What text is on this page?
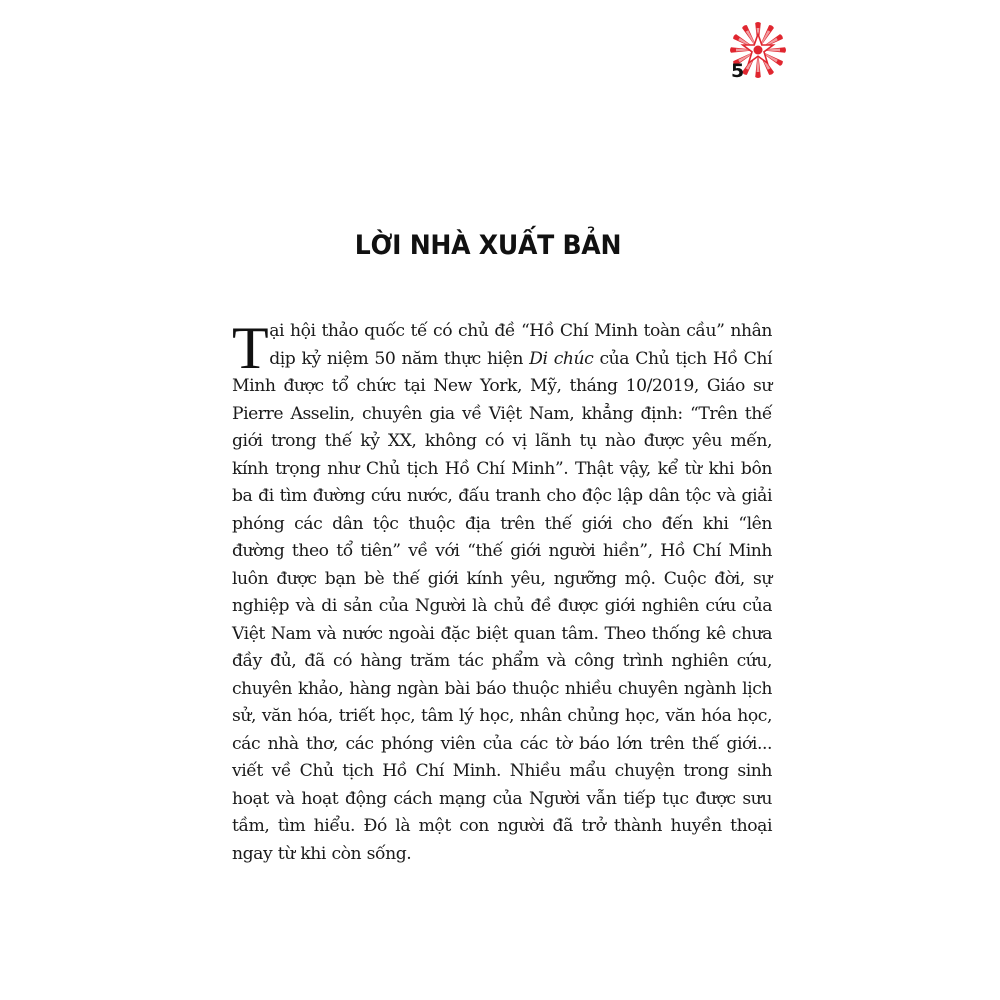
5
LỜI NHÀ XUẤT BẢN

Tại hội thảo quốc tế có chủ đề “Hồ Chí Minh toàn cầu” nhân dịp kỷ niệm 50 năm thực hiện Di chúc của Chủ tịch Hồ Chí Minh được tổ chức tại New York, Mỹ, tháng 10/2019, Giáo sư Pierre Asselin, chuyên gia về Việt Nam, khẳng định: “Trên thế giới trong thế kỷ XX, không có vị lãnh tụ nào được yêu mến, kính trọng như Chủ tịch Hồ Chí Minh”. Thật vậy, kể từ khi bôn ba đi tìm đường cứu nước, đấu tranh cho độc lập dân tộc và giải phóng các dân tộc thuộc địa trên thế giới cho đến khi “lên đường theo tổ tiên” về với “thế giới người hiền”, Hồ Chí Minh luôn được bạn bè thế giới kính yêu, ngưỡng mộ. Cuộc đời, sự nghiệp và di sản của Người là chủ đề được giới nghiên cứu của Việt Nam và nước ngoài đặc biệt quan tâm. Theo thống kê chưa đầy đủ, đã có hàng trăm tác phẩm và công trình nghiên cứu, chuyên khảo, hàng ngàn bài báo thuộc nhiều chuyên ngành lịch sử, văn hóa, triết học, tâm lý học, nhân chủng học, văn hóa học, các nhà thơ, các phóng viên của các tờ báo lớn trên thế giới... viết về Chủ tịch Hồ Chí Minh. Nhiều mẩu chuyện trong sinh hoạt và hoạt động cách mạng của Người vẫn tiếp tục được sưu tầm, tìm hiểu. Đó là một con người đã trở thành huyền thoại ngay từ khi còn sống.
